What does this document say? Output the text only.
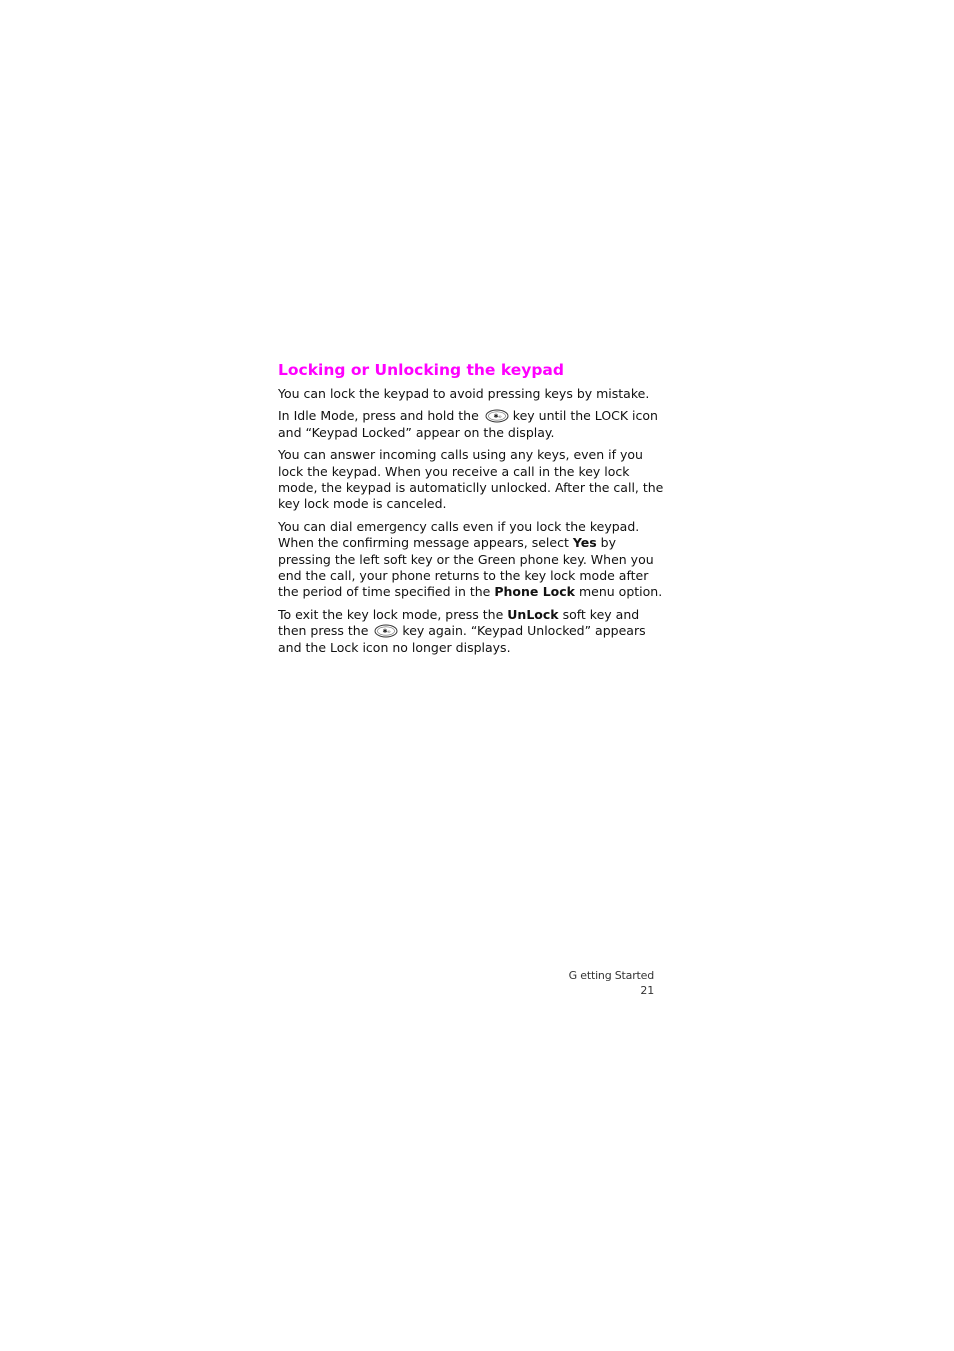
Locking or Unlocking the keypad

You can lock the keypad to avoid pressing keys by mistake.

In Idle Mode, press and hold the ✱ ∞ key until the LOCK icon and “Keypad Locked” appear on the display.

You can answer incoming calls using any keys, even if you lock the keypad. When you receive a call in the key lock mode, the keypad is automaticlly unlocked. After the call, the key lock mode is canceled.

You can dial emergency calls even if you lock the keypad. When the confirming message appears, select Yes by pressing the left soft key or the Green phone key. When you end the call, your phone returns to the key lock mode after the period of time specified in the Phone Lock menu option.

To exit the key lock mode, press the UnLock soft key and then press the ✱ ∞ key again. “Keypad Unlocked” appears and the Lock icon no longer displays.

G etting Started
21
